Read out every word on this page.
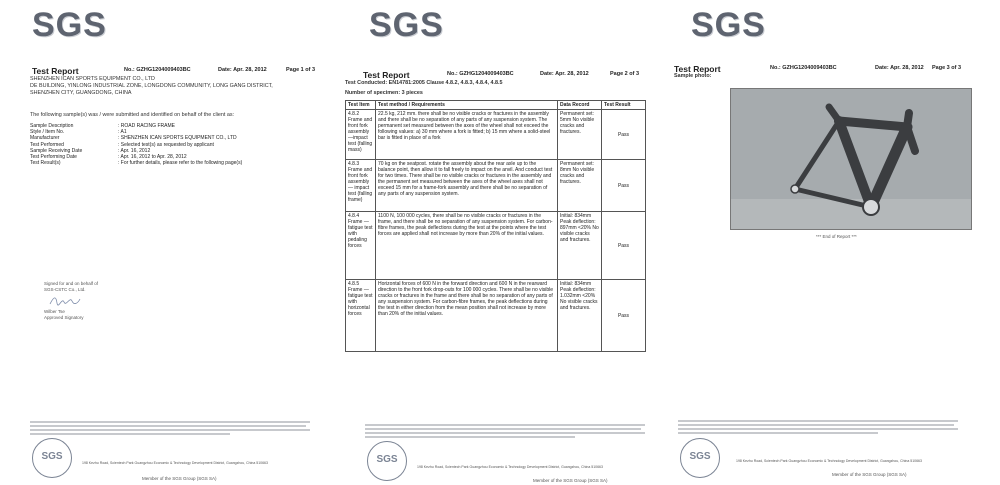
SGS
Test Report	No.: GZHG1204009403BC	Date: Apr. 28, 2012	Page 1 of 3
SHENZHEN ICAN SPORTS EQUIPMENT CO., LTD
DE BUILDING, YINLONG INDUSTRIAL ZONE, LONGDONG COMMUNITY, LONG GANG DISTRICT,
SHENZHEN CITY, GUANGDONG, CHINA
The following sample(s) was / were submitted and identified on behalf of the client as:
Sample Description	: ROAD RACING FRAME
Style / Item No.	: A1
Manufacturer	: SHENZHEN ICAN SPORTS EQUIPMENT CO., LTD
Test Performed	: Selected test(s) as requested by applicant
Sample Receiving Date	: Apr. 16, 2012
Test Performing Date	: Apr. 16, 2012 to Apr. 28, 2012
Test Result(s)	: For further details, please refer to the following page(s)
Signed for and on behalf of
SGS-CSTC Co., Ltd.
Wilber Tse
Approved Signatory
SGS
198 Kezhu Road, Scientech Park Guangzhou Economic & Technology Development District, Guangzhou, China 510663
Member of the SGS Group (SGS SA)
SGS
Test Report	No.: GZHG1204009403BC	Date: Apr. 28, 2012	Page 2 of 3
Test Conducted: EN14781:2005 Clause 4.8.2, 4.8.3, 4.8.4, 4.8.5
Number of specimen: 3 pieces
Test Item	Test method / Requirements	Data Record	Test Result
4.8.2 Frame and front fork assembly—impact test (falling mass)	22.5 kg, 212 mm. there shall be no visible cracks or fractures in the assembly and there shall be no separation of any parts of any suspension system. The permanent set measured between the axes of the wheel shall not exceed the following values: a) 30 mm where a fork is fitted; b) 15 mm where a solid-steel bar is fitted in place of a fork	Permanent set: 5mm No visible cracks and fractures.	Pass
4.8.3 Frame and front fork assembly — impact test (falling frame)	70 kg on the seatpost. rotate the assembly about the rear axle up to the balance point, then allow it to fall freely to impact on the anvil. And conduct test for two times. There shall be no visible cracks or fractures in the assembly and the permanent set measured between the axes of the wheel axes shall not exceed 15 mm for a frame-fork assembly and there shall be no separation of any parts of any suspension system.	Permanent set: 8mm No visible cracks and fractures.	Pass
4.8.4 Frame — fatigue test with pedaling forces	1100 N, 100 000 cycles, there shall be no visible cracks or fractures in the frame, and there shall be no separation of any suspension system. For carbon-fibre frames, the peak deflections during the test at the points where the test forces are applied shall not increase by more than 20% of the initial values.	Initial: 834mm Peak deflection: 897mm <20% No visible cracks and fractures.	Pass
4.8.5 Frame — fatigue test with horizontal forces	Horizontal forces of 600 N in the forward direction and 600 N in the rearward direction to the front fork drop-outs for 100 000 cycles. There shall be no visible cracks or fractures in the frame and there shall be no separation of any parts of any suspension system. For carbon-fibre frames, the peak deflections during the test in either direction from the mean position shall not increase by more than 20% of the initial values.	Initial: 834mm Peak deflection: 1.032mm <20% No visible cracks and fractures.	Pass
SGS
198 Kezhu Road, Scientech Park Guangzhou Economic & Technology Development District, Guangzhou, China 510663
Member of the SGS Group (SGS SA)
SGS
Test Report	No.: GZHG1204009403BC	Date: Apr. 28, 2012 Page 3 of 3
Sample photo:
*** End of Report ***
SGS	198 Kezhu Road, Scientech Park Guangzhou Economic & Technology Development District, Guangzhou, China 510663
Member of the SGS Group (SGS SA)
